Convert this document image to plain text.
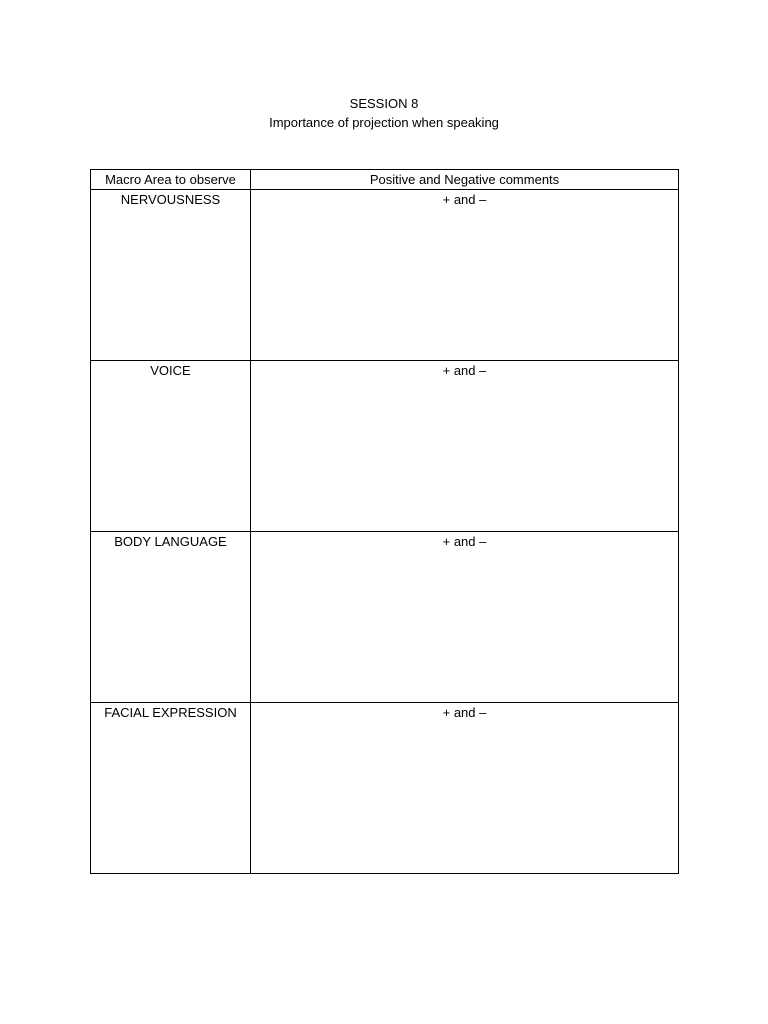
SESSION 8
Importance of projection when speaking
Macro Area to observe	Positive and Negative comments
NERVOUSNESS	+ and –
VOICE	+ and –
BODY LANGUAGE	+ and –
FACIAL EXPRESSION	+ and –
